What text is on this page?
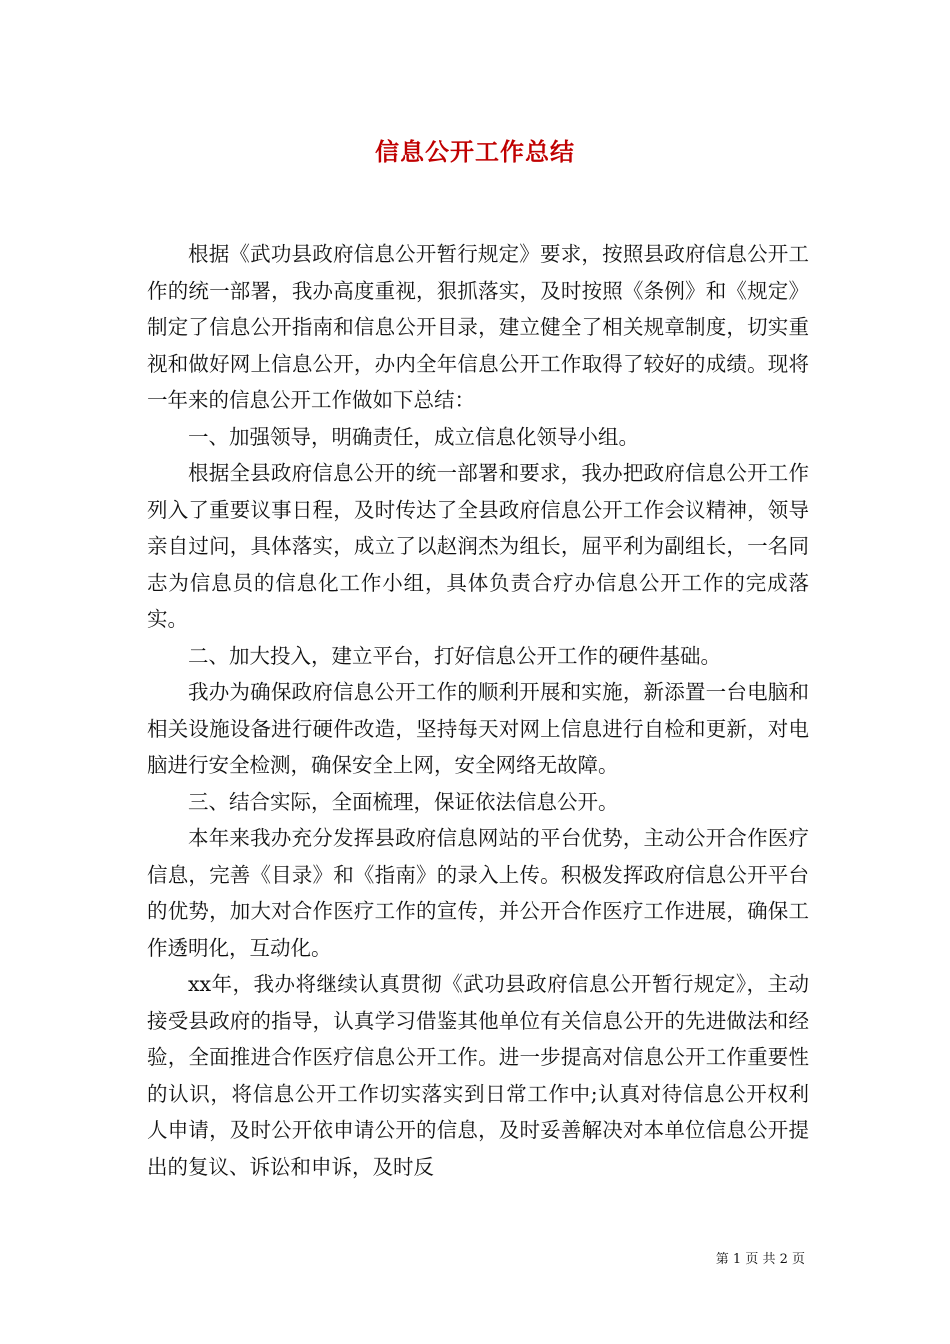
信息公开工作总结

根据《武功县政府信息公开暂行规定》要求，按照县政府信息公开工作的统一部署，我办高度重视，狠抓落实，及时按照《条例》和《规定》制定了信息公开指南和信息公开目录，建立健全了相关规章制度，切实重视和做好网上信息公开，办内全年信息公开工作取得了较好的成绩。现将一年来的信息公开工作做如下总结：

一、加强领导，明确责任，成立信息化领导小组。

根据全县政府信息公开的统一部署和要求，我办把政府信息公开工作列入了重要议事日程，及时传达了全县政府信息公开工作会议精神，领导亲自过问，具体落实，成立了以赵润杰为组长，屈平利为副组长，一名同志为信息员的信息化工作小组，具体负责合疗办信息公开工作的完成落实。

二、加大投入，建立平台，打好信息公开工作的硬件基础。

我办为确保政府信息公开工作的顺利开展和实施，新添置一台电脑和相关设施设备进行硬件改造，坚持每天对网上信息进行自检和更新，对电脑进行安全检测，确保安全上网，安全网络无故障。

三、结合实际，全面梳理，保证依法信息公开。

本年来我办充分发挥县政府信息网站的平台优势，主动公开合作医疗信息，完善《目录》和《指南》的录入上传。积极发挥政府信息公开平台的优势，加大对合作医疗工作的宣传，并公开合作医疗工作进展，确保工作透明化，互动化。

xx年，我办将继续认真贯彻《武功县政府信息公开暂行规定》，主动接受县政府的指导，认真学习借鉴其他单位有关信息公开的先进做法和经验，全面推进合作医疗信息公开工作。进一步提高对信息公开工作重要性的认识，将信息公开工作切实落实到日常工作中;认真对待信息公开权利人申请，及时公开依申请公开的信息，及时妥善解决对本单位信息公开提出的复议、诉讼和申诉，及时反

第 1 页 共 2 页
